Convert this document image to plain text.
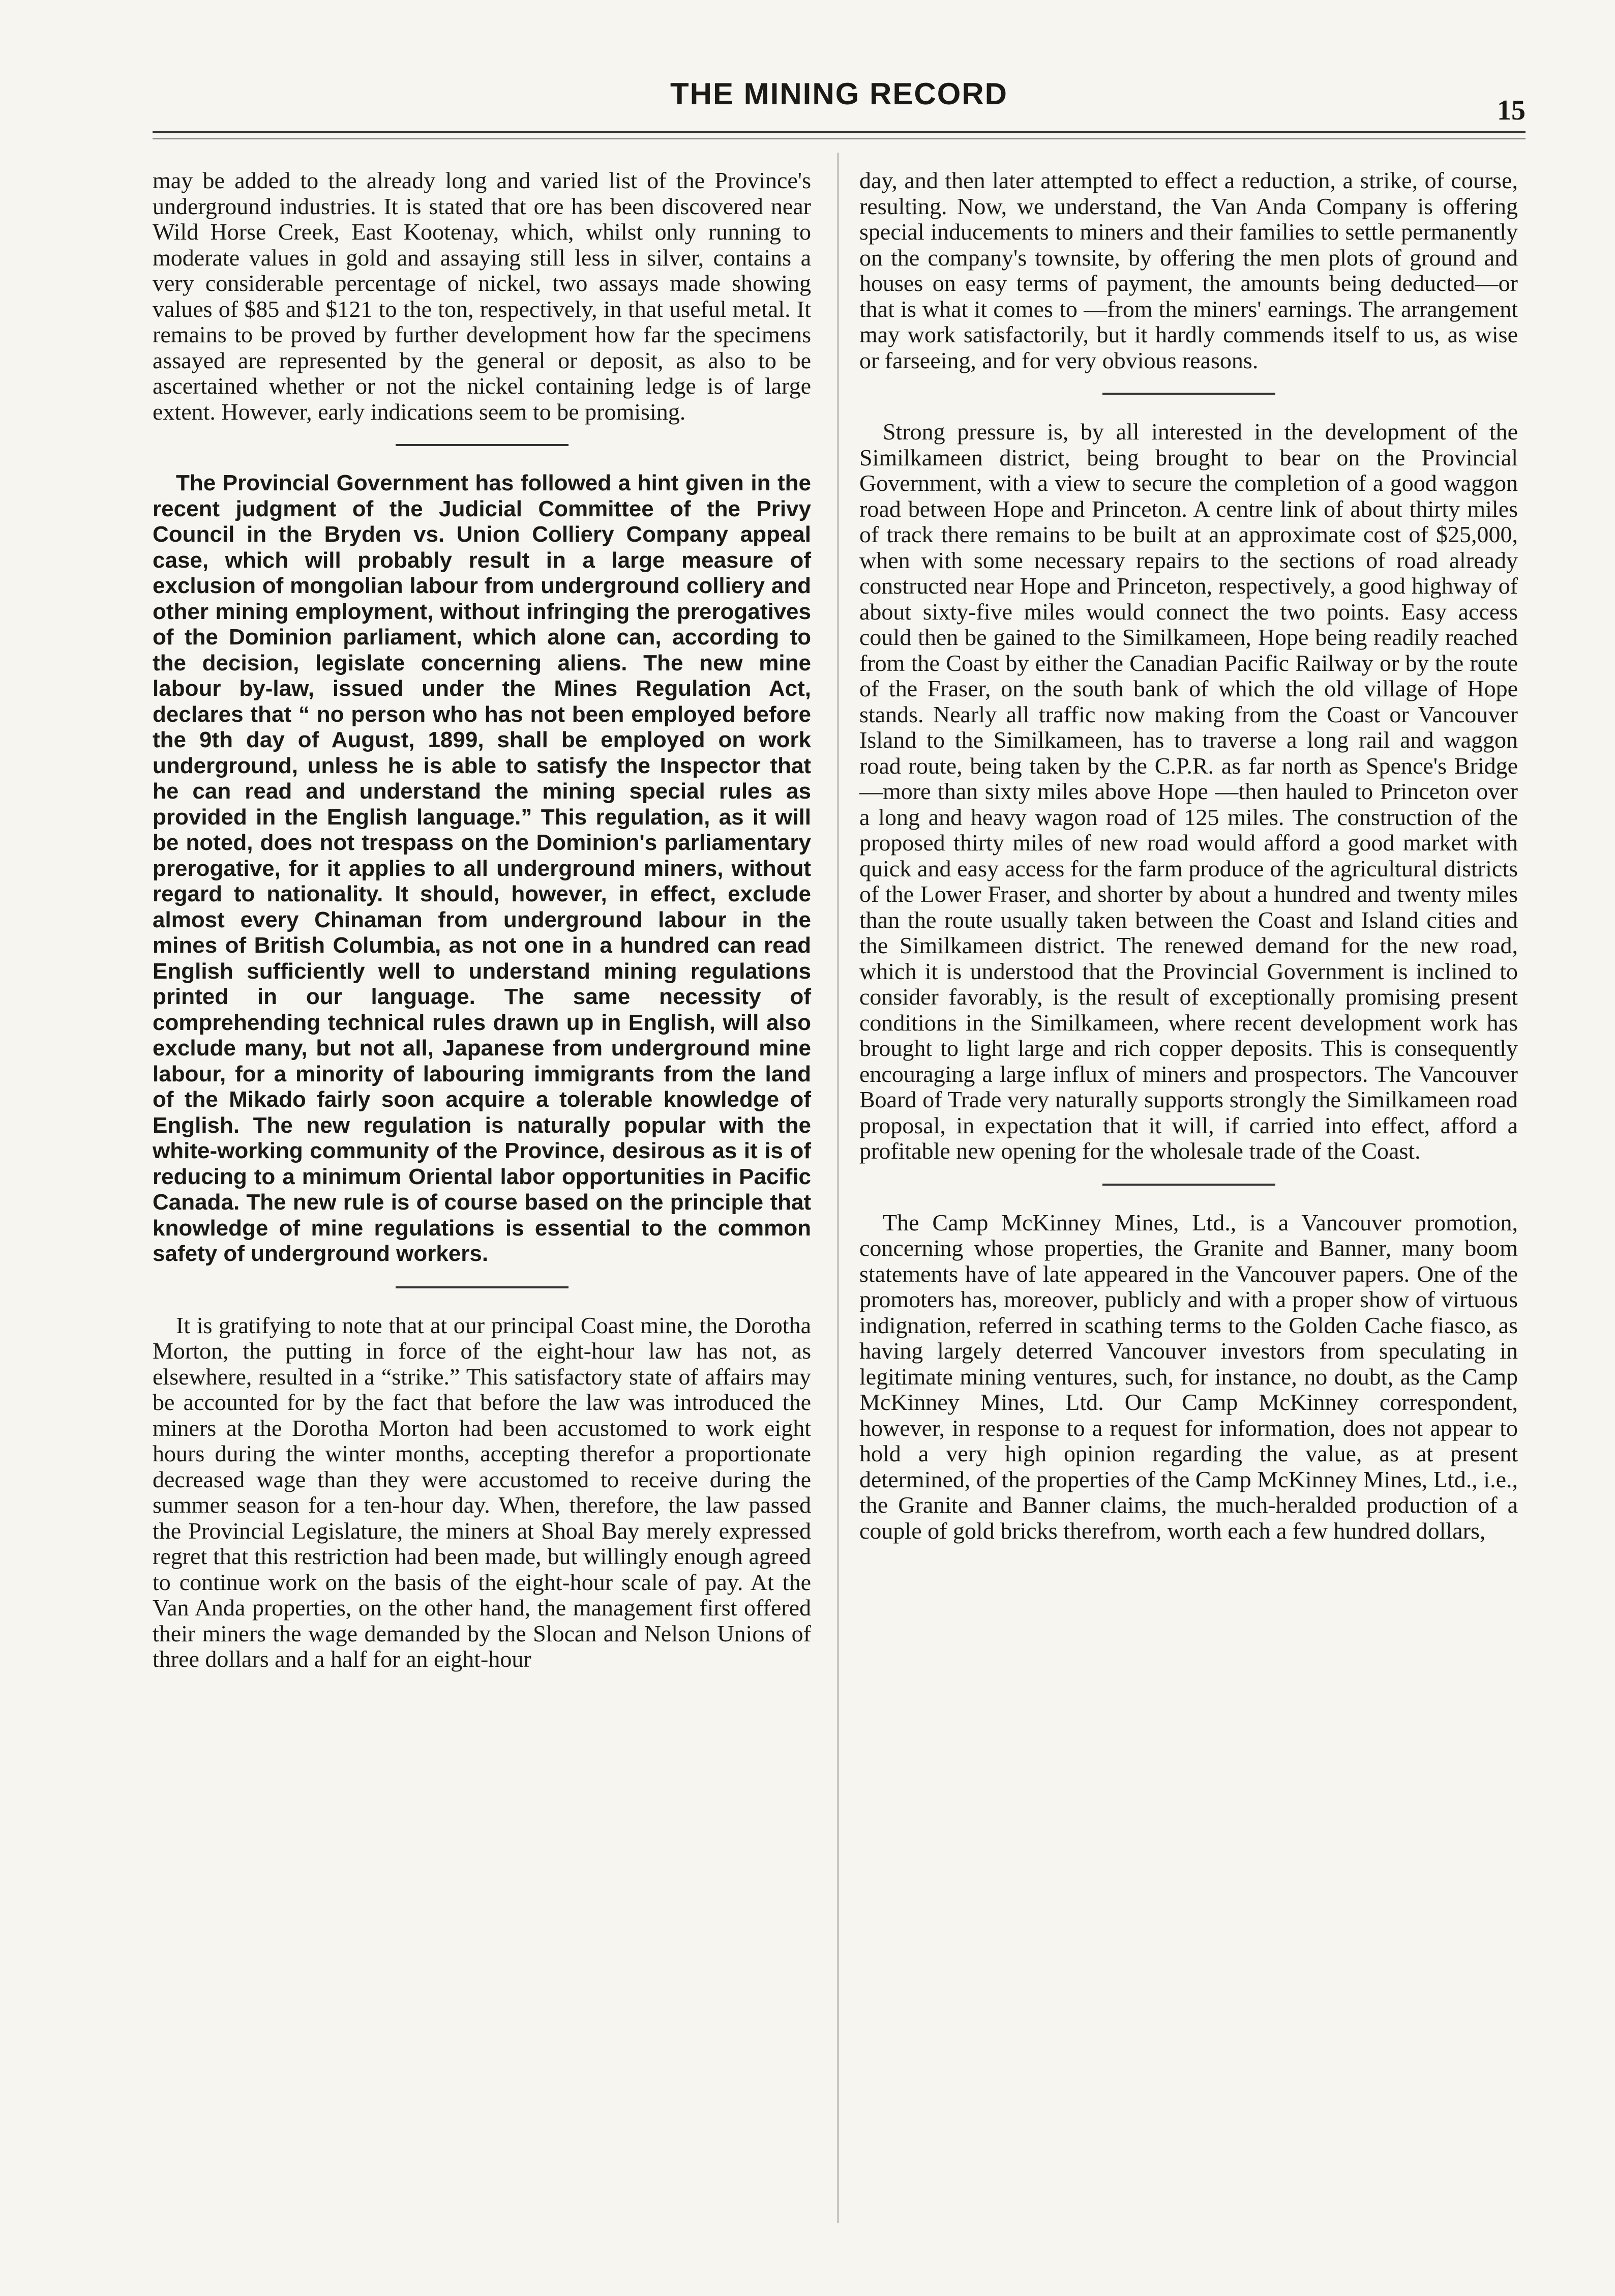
THE MINING RECORD	15

may be added to the already long and varied list of the Province's underground industries. It is stated that ore has been discovered near Wild Horse Creek, East Kootenay, which, whilst only running to moderate values in gold and assaying still less in silver, contains a very considerable percentage of nickel, two assays made showing values of $85 and $121 to the ton, respectively, in that useful metal. It remains to be proved by further development how far the specimens assayed are represented by the general or deposit, as also to be ascertained whether or not the nickel containing ledge is of large extent. However, early indications seem to be promising.

The Provincial Government has followed a hint given in the recent judgment of the Judicial Committee of the Privy Council in the Bryden vs. Union Colliery Company appeal case, which will probably result in a large measure of exclusion of mongolian labour from underground colliery and other mining employment, without infringing the prerogatives of the Dominion parliament, which alone can, according to the decision, legislate concerning aliens. The new mine labour by-law, issued under the Mines Regulation Act, declares that “ no person who has not been employed before the 9th day of August, 1899, shall be employed on work underground, unless he is able to satisfy the Inspector that he can read and understand the mining special rules as provided in the English language.” This regulation, as it will be noted, does not trespass on the Dominion's parliamentary prerogative, for it applies to all underground miners, without regard to nationality. It should, however, in effect, exclude almost every Chinaman from underground labour in the mines of British Columbia, as not one in a hundred can read English sufficiently well to understand mining regulations printed in our language. The same necessity of comprehending technical rules drawn up in English, will also exclude many, but not all, Japanese from underground mine labour, for a minority of labouring immigrants from the land of the Mikado fairly soon acquire a tolerable knowledge of English. The new regulation is naturally popular with the white-working community of the Province, desirous as it is of reducing to a minimum Oriental labor opportunities in Pacific Canada. The new rule is of course based on the principle that knowledge of mine regulations is essential to the common safety of underground workers.

It is gratifying to note that at our principal Coast mine, the Dorotha Morton, the putting in force of the eight-hour law has not, as elsewhere, resulted in a “strike.” This satisfactory state of affairs may be accounted for by the fact that before the law was introduced the miners at the Dorotha Morton had been accustomed to work eight hours during the winter months, accepting therefor a proportionate decreased wage than they were accustomed to receive during the summer season for a ten-hour day. When, therefore, the law passed the Provincial Legislature, the miners at Shoal Bay merely expressed regret that this restriction had been made, but willingly enough agreed to continue work on the basis of the eight-hour scale of pay. At the Van Anda properties, on the other hand, the management first offered their miners the wage demanded by the Slocan and Nelson Unions of three dollars and a half for an eight-hour

day, and then later attempted to effect a reduction, a strike, of course, resulting. Now, we understand, the Van Anda Company is offering special inducements to miners and their families to settle permanently on the company's townsite, by offering the men plots of ground and houses on easy terms of payment, the amounts being deducted—or that is what it comes to —from the miners' earnings. The arrangement may work satisfactorily, but it hardly commends itself to us, as wise or farseeing, and for very obvious reasons.

Strong pressure is, by all interested in the development of the Similkameen district, being brought to bear on the Provincial Government, with a view to secure the completion of a good waggon road between Hope and Princeton. A centre link of about thirty miles of track there remains to be built at an approximate cost of $25,000, when with some necessary repairs to the sections of road already constructed near Hope and Princeton, respectively, a good highway of about sixty-five miles would connect the two points. Easy access could then be gained to the Similkameen, Hope being readily reached from the Coast by either the Canadian Pacific Railway or by the route of the Fraser, on the south bank of which the old village of Hope stands. Nearly all traffic now making from the Coast or Vancouver Island to the Similkameen, has to traverse a long rail and waggon road route, being taken by the C.P.R. as far north as Spence's Bridge—more than sixty miles above Hope —then hauled to Princeton over a long and heavy wagon road of 125 miles. The construction of the proposed thirty miles of new road would afford a good market with quick and easy access for the farm produce of the agricultural districts of the Lower Fraser, and shorter by about a hundred and twenty miles than the route usually taken between the Coast and Island cities and the Similkameen district. The renewed demand for the new road, which it is understood that the Provincial Government is inclined to consider favorably, is the result of exceptionally promising present conditions in the Similkameen, where recent development work has brought to light large and rich copper deposits. This is consequently encouraging a large influx of miners and prospectors. The Vancouver Board of Trade very naturally supports strongly the Similkameen road proposal, in expectation that it will, if carried into effect, afford a profitable new opening for the wholesale trade of the Coast.

The Camp McKinney Mines, Ltd., is a Vancouver promotion, concerning whose properties, the Granite and Banner, many boom statements have of late appeared in the Vancouver papers. One of the promoters has, moreover, publicly and with a proper show of virtuous indignation, referred in scathing terms to the Golden Cache fiasco, as having largely deterred Vancouver investors from speculating in legitimate mining ventures, such, for instance, no doubt, as the Camp McKinney Mines, Ltd. Our Camp McKinney correspondent, however, in response to a request for information, does not appear to hold a very high opinion regarding the value, as at present determined, of the properties of the Camp McKinney Mines, Ltd., i.e., the Granite and Banner claims, the much-heralded production of a couple of gold bricks therefrom, worth each a few hundred dollars,
